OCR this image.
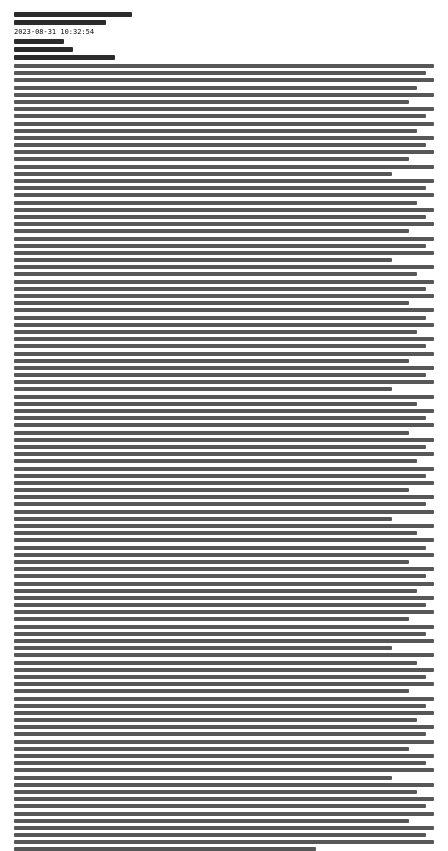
2023-08-31 10:32:54
